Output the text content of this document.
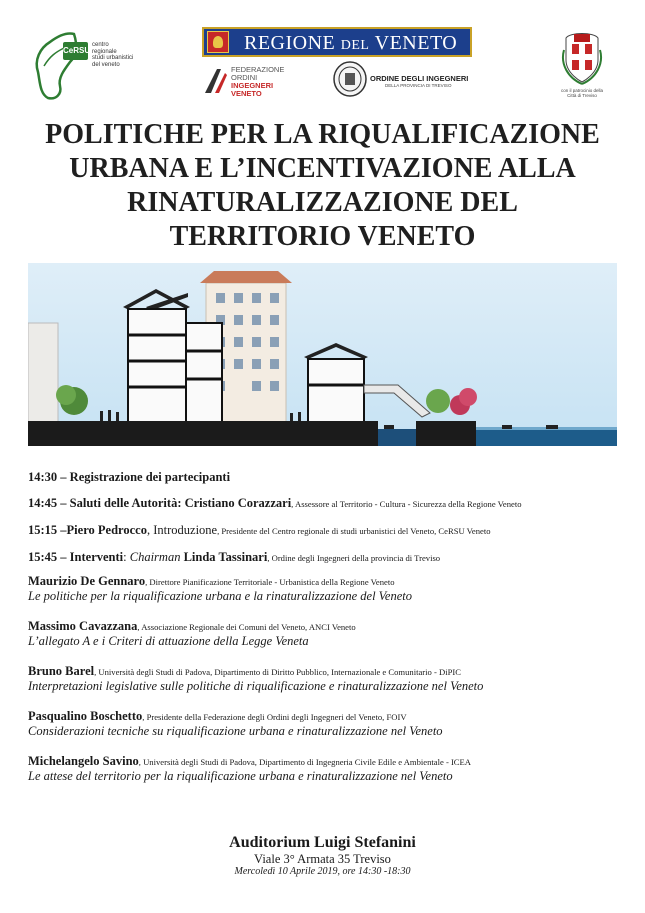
CeRSU
centro
regionale
studi urbanistici
del veneto
REGIONE DEL VENETO
FEDERAZIONE
ORDINI
INGEGNERI
VENETO
ORDINE DEGLI INGEGNERI
DELLA PROVINCIA DI TREVISO
con il patrocinio della Città di Treviso
POLITICHE PER LA RIQUALIFICAZIONE
URBANA E L’INCENTIVAZIONE ALLA
RINATURALIZZAZIONE DEL
TERRITORIO VENETO
14:30 – Registrazione dei partecipanti
14:45 – Saluti delle Autorità: Cristiano Corazzari, Assessore al Territorio - Cultura - Sicurezza della Regione Veneto
15:15 –Piero Pedrocco, Introduzione, Presidente del Centro regionale di studi urbanistici del Veneto, CeRSU Veneto
15:45 – Interventi: Chairman Linda Tassinari, Ordine degli Ingegneri della provincia di Treviso
Maurizio De Gennaro, Direttore Pianificazione Territoriale - Urbanistica della Regione Veneto
Le politiche per la riqualificazione urbana e la rinaturalizzazione del Veneto
Massimo Cavazzana, Associazione Regionale dei Comuni del Veneto, ANCI Veneto
L’allegato A e i Criteri di attuazione della Legge Veneta
Bruno Barel, Università degli Studi di Padova, Dipartimento di Diritto Pubblico, Internazionale e Comunitario - DiPIC
Interpretazioni legislative sulle politiche di riqualificazione e rinaturalizzazione nel Veneto
Pasqualino Boschetto, Presidente della Federazione degli Ordini degli Ingegneri del Veneto, FOIV
Considerazioni tecniche su riqualificazione urbana e rinaturalizzazione nel Veneto
Michelangelo Savino, Università degli Studi di Padova, Dipartimento di Ingegneria Civile Edile e Ambientale - ICEA
Le attese del territorio per la riqualificazione urbana e rinaturalizzazione nel Veneto
Auditorium Luigi Stefanini
Viale 3° Armata 35 Treviso
Mercoledì 10 Aprile 2019, ore 14:30 -18:30
